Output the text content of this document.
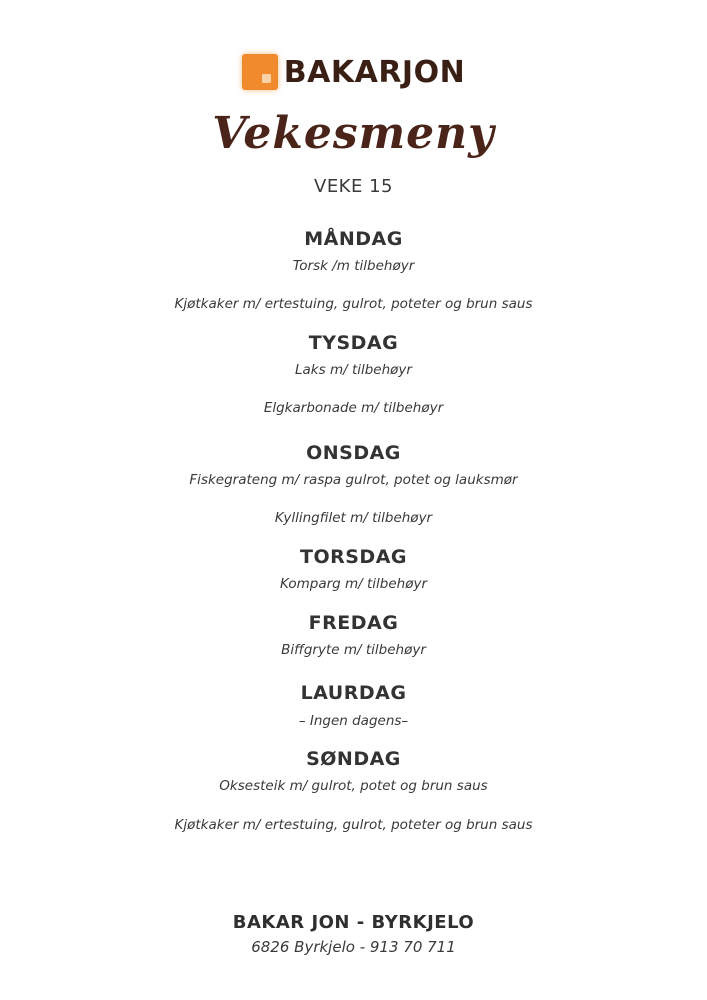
BAKARJON
Vekesmeny
VEKE 15
MÅNDAG
Torsk /m tilbehøyr
Kjøtkaker m/ ertestuing, gulrot, poteter og brun saus
TYSDAG
Laks m/ tilbehøyr
Elgkarbonade m/ tilbehøyr
ONSDAG
Fiskegrateng m/ raspa gulrot, potet og lauksmør
Kyllingfilet m/ tilbehøyr
TORSDAG
Komparg m/ tilbehøyr
FREDAG
Biffgryte m/ tilbehøyr
LAURDAG
– Ingen dagens–
SØNDAG
Oksesteik m/ gulrot, potet og brun saus
Kjøtkaker m/ ertestuing, gulrot, poteter og brun saus
BAKAR JON - BYRKJELO
6826 Byrkjelo - 913 70 711
